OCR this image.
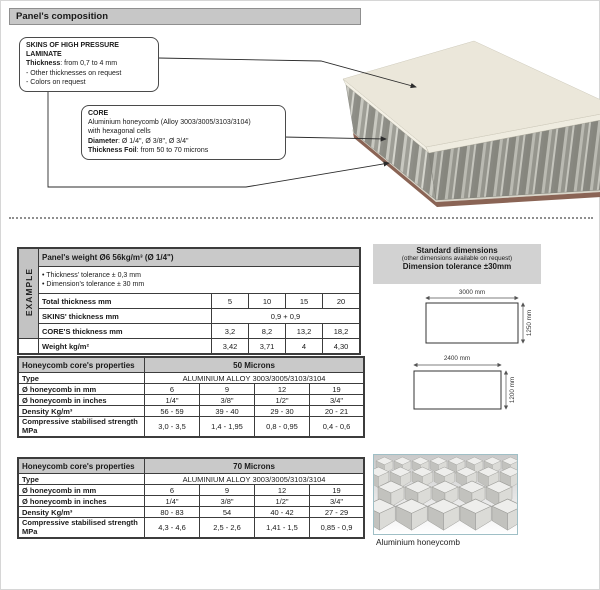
Panel's composition
SKINS OF HIGH PRESSURE LAMINATE
Thickness: from 0,7 to 4 mm
- Other thicknesses on request
- Colors on request
CORE
Aluminium honeycomb (Alloy 3003/3005/3103/3104)
with hexagonal cells
Diameter: Ø 1/4", Ø 3/8", Ø 3/4"
Thickness Foil: from 50 to 70 microns
EXAMPLE	Panel's weight Ø6 56kg/m³ (Ø 1/4")				

	• Thickness' tolerance ± 0,3 mm
• Dimension's tolerance ± 30 mm				

	Total thickness mm	5	10	15	20
	SKINS' thickness mm	0,9 + 0,9			
	CORE'S thickness mm	3,2	8,2	13,2	18,2
	Weight kg/m²	3,42	3,71	4	4,30
Standard dimensions
(other dimensions available on request)
Dimension tolerance ±30mm
3000 mm
1250 mm
2400 mm
1200 mm
Honeycomb core's properties	50 Microns			
Type	ALUMINIUM ALLOY 3003/3005/3103/3104			
Ø honeycomb in mm	6	9	12	19
Ø honeycomb in inches	1/4"	3/8"	1/2"	3/4"
Density Kg/m³	56 - 59	39 - 40	29 - 30	20 - 21
Compressive stabilised strength MPa	3,0 - 3,5	1,4 - 1,95	0,8 - 0,95	0,4 - 0,6
Honeycomb core's properties	70 Microns			
Type	ALUMINIUM ALLOY 3003/3005/3103/3104			
Ø honeycomb in mm	6	9	12	19
Ø honeycomb in inches	1/4"	3/8"	1/2"	3/4"
Density Kg/m³	80 - 83	54	40 - 42	27 - 29
Compressive stabilised strength MPa	4,3 - 4,6	2,5 - 2,6	1,41 - 1,5	0,85 - 0,9
Aluminium honeycomb
